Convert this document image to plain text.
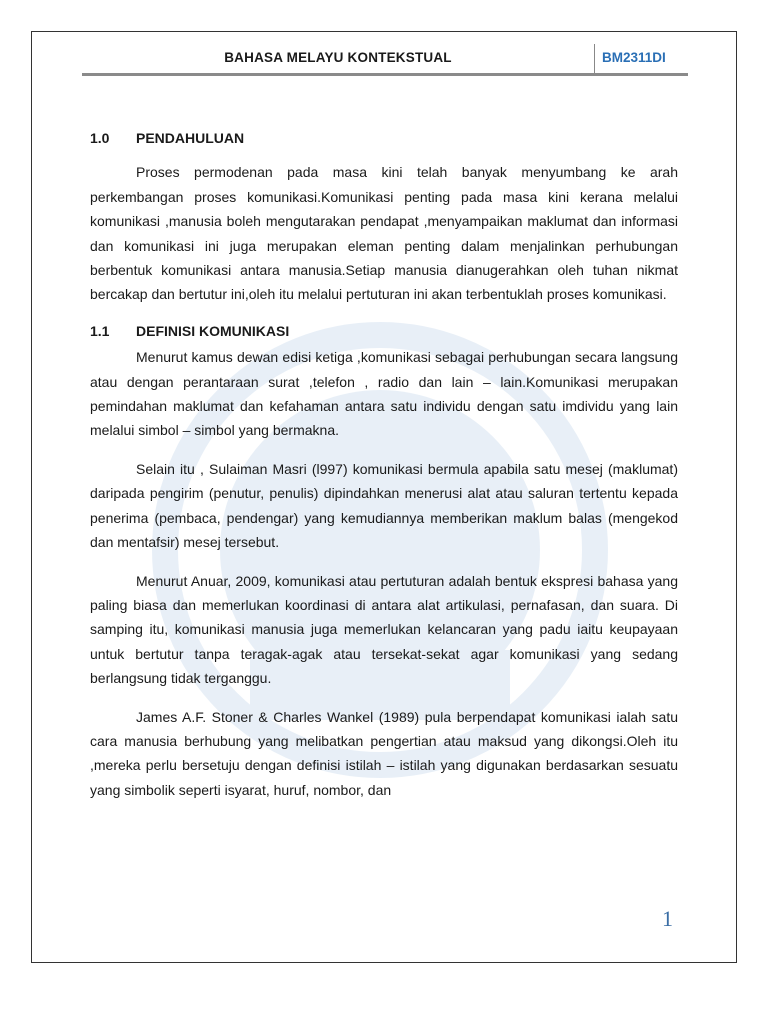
BAHASA MELAYU KONTEKSTUAL	BM2311DI
1.0	PENDAHULUAN

Proses permodenan pada masa kini telah banyak menyumbang ke arah perkembangan proses komunikasi.Komunikasi penting pada masa kini kerana melalui komunikasi ,manusia boleh mengutarakan pendapat ,menyampaikan maklumat dan informasi dan komunikasi ini juga merupakan eleman penting dalam menjalinkan perhubungan berbentuk komunikasi antara manusia.Setiap manusia dianugerahkan oleh tuhan nikmat bercakap dan bertutur ini,oleh itu melalui pertuturan ini akan terbentuklah proses komunikasi.

1.1	DEFINISI KOMUNIKASI

Menurut kamus dewan edisi ketiga ,komunikasi sebagai perhubungan secara langsung atau dengan perantaraan surat ,telefon , radio dan lain – lain.Komunikasi merupakan pemindahan maklumat dan kefahaman antara satu individu dengan satu imdividu yang lain melalui simbol – simbol yang bermakna.

Selain itu , Sulaiman Masri (l997) komunikasi bermula apabila satu mesej (maklumat) daripada pengirim (penutur, penulis) dipindahkan menerusi alat atau saluran tertentu kepada penerima (pembaca, pendengar) yang kemudiannya memberikan maklum balas (mengekod dan mentafsir) mesej tersebut.

Menurut Anuar, 2009, komunikasi atau pertuturan adalah bentuk ekspresi bahasa yang paling biasa dan memerlukan koordinasi di antara alat artikulasi, pernafasan, dan suara. Di samping itu, komunikasi manusia juga memerlukan kelancaran yang padu iaitu keupayaan untuk bertutur tanpa teragak-agak atau tersekat-sekat agar komunikasi yang sedang berlangsung tidak terganggu.

James A.F. Stoner & Charles Wankel (1989) pula berpendapat komunikasi ialah satu cara manusia berhubung yang melibatkan pengertian atau maksud yang dikongsi.Oleh itu ,mereka perlu bersetuju dengan definisi istilah – istilah yang digunakan berdasarkan sesuatu yang simbolik seperti isyarat, huruf, nombor, dan

1
